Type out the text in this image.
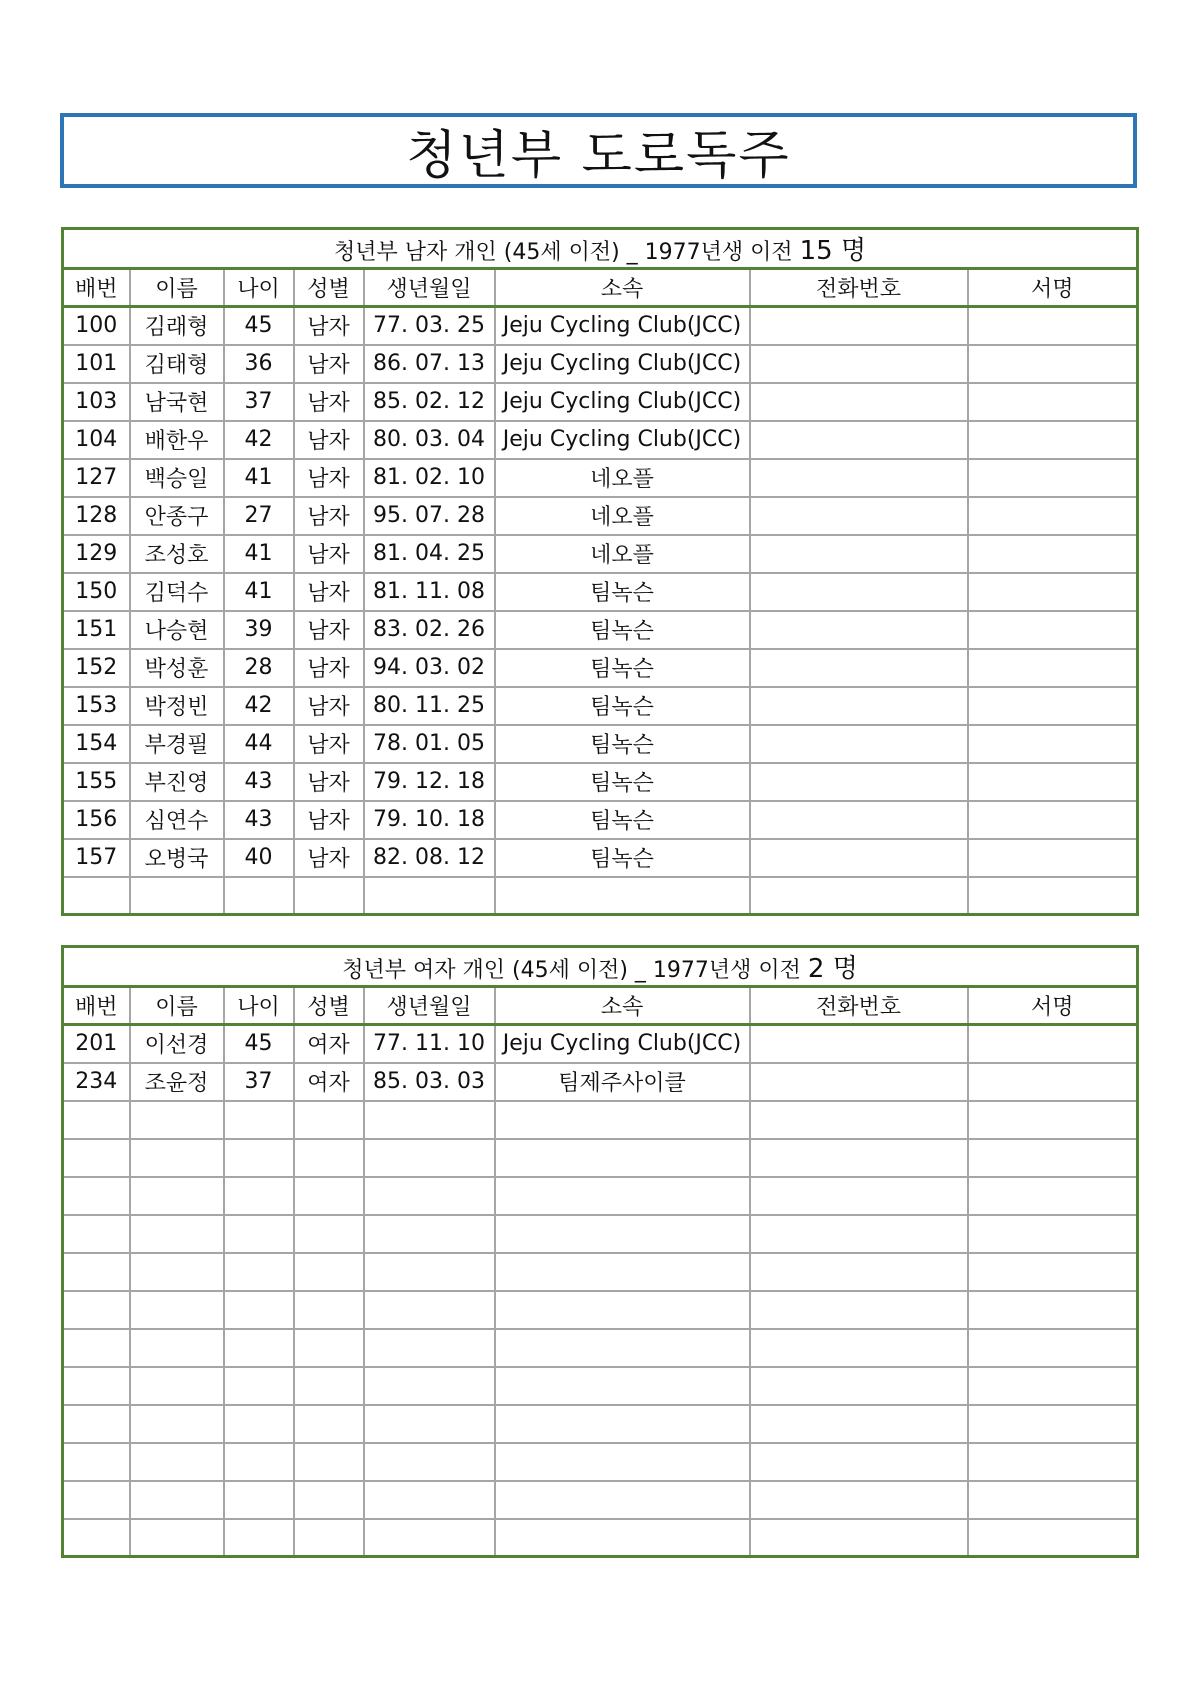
청년부 도로독주
청년부 남자 개인 (45세 이전) _ 1977년생 이전 15 명							
배번	이름	나이	성별	생년월일	소속	전화번호	서명
100	김래형	45	남자	77. 03. 25	Jeju Cycling Club(JCC)		
101	김태형	36	남자	86. 07. 13	Jeju Cycling Club(JCC)		
103	남국현	37	남자	85. 02. 12	Jeju Cycling Club(JCC)		
104	배한우	42	남자	80. 03. 04	Jeju Cycling Club(JCC)		
127	백승일	41	남자	81. 02. 10	네오플		
128	안종구	27	남자	95. 07. 28	네오플		
129	조성호	41	남자	81. 04. 25	네오플		
150	김덕수	41	남자	81. 11. 08	팀녹슨		
151	나승현	39	남자	83. 02. 26	팀녹슨		
152	박성훈	28	남자	94. 03. 02	팀녹슨		
153	박정빈	42	남자	80. 11. 25	팀녹슨		
154	부경필	44	남자	78. 01. 05	팀녹슨		
155	부진영	43	남자	79. 12. 18	팀녹슨		
156	심연수	43	남자	79. 10. 18	팀녹슨		
157	오병국	40	남자	82. 08. 12	팀녹슨		

청년부 여자 개인 (45세 이전) _ 1977년생 이전 2 명							
배번	이름	나이	성별	생년월일	소속	전화번호	서명
201	이선경	45	여자	77. 11. 10	Jeju Cycling Club(JCC)		
234	조윤정	37	여자	85. 03. 03	팀제주사이클		
